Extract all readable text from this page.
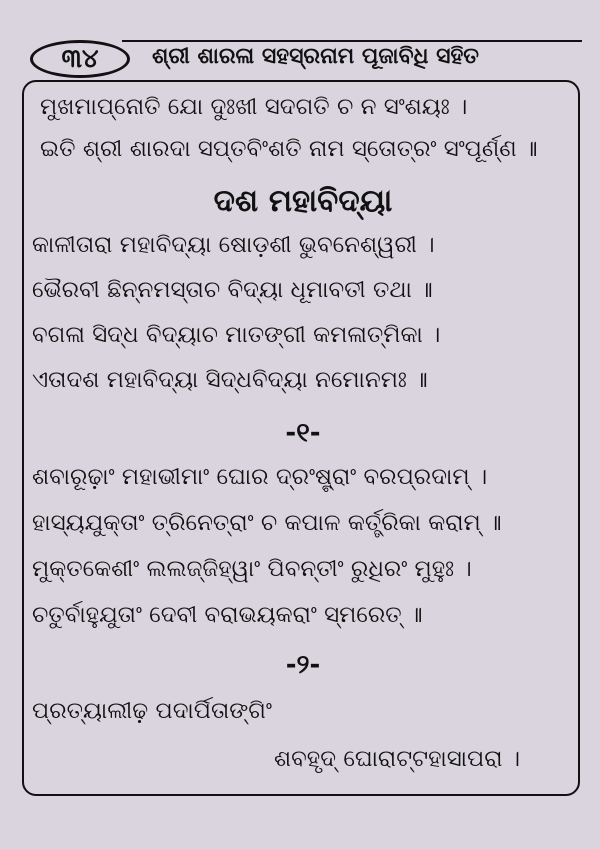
୩୪	ଶ୍ରୀ ଶାରଳା ସହସ୍ରନାମ ପୂଜାବିଧି ସହିତ
ମୁଖମାପ୍ନୋତି ଯୋ ଦୁଃଖୀ ସଦଗତି ଚ ନ ସଂଶୟଃ ।
ଇତି ଶ୍ରୀ ଶାରଦା ସପ୍ତବିଂଶତି ନାମ ସ୍ତୋତ୍ରଂ ସଂପୂର୍ଣ୍ଣ ॥
ଦଶ ମହାବିଦ୍ୟା
କାଳୀତାରା ମହାବିଦ୍ୟା ଷୋଡ଼ଶୀ ଭୁବନେଶ୍ୱରୀ ।
ଭୈରବୀ ଛିନ୍ନମସ୍ତାଚ ବିଦ୍ୟା ଧୂମାବତୀ ତଥା ॥
ବଗଳା ସିଦ୍ଧ ବିଦ୍ୟାଚ ମାତଙ୍ଗୀ କମଳାତ୍ମିକା ।
ଏତାଦଶ ମହାବିଦ୍ୟା ସିଦ୍ଧବିଦ୍ୟା ନମୋନମଃ ॥
-୧-
ଶବାରୂଢ଼ାଂ ମହାଭୀମାଂ ଘୋର ଦ୍ରଂଷ୍ଟ୍ରାଂ ବରପ୍ରଦାମ୍ ।
ହାସ୍ୟଯୁକ୍ତାଂ ତ୍ରିନେତ୍ରାଂ ଚ କପାଳ କର୍ତ୍ତ୍ରିକା କରାମ୍ ॥
ମୁକ୍ତକେଶୀଂ ଲଲଜ୍ଜିହ୍ୱାଂ ପିବନ୍ତୀଂ ରୁଧିରଂ ମୁହୁଃ ।
ଚତୁର୍ବାହୁଯୁତାଂ ଦେବୀ ବରାଭୟକରାଂ ସ୍ମରେତ୍ ॥
-୨-
ପ୍ରତ୍ୟାଲୀଢ଼ ପଦାର୍ପିତାଙ୍ଗିଂ
ଶବହୃଦ୍ ଘୋରାଟ୍ଟହାସାପରା ।
